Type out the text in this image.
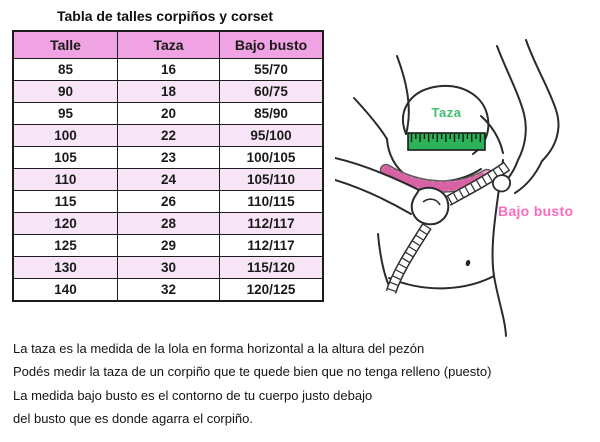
Tabla de talles corpiños y corset
Talle	Taza	Bajo busto
85	16	55/70
90	18	60/75
95	20	85/90
100	22	95/100
105	23	100/105
110	24	105/110
115	26	110/115
120	28	112/117
125	29	112/117
130	30	115/120
140	32	120/125
Taza
Bajo busto
La taza es la medida de la lola en forma horizontal a la altura del pezón
Podés medir la taza de un corpiño que te quede bien que no tenga relleno (puesto)
La medida bajo busto es el contorno de tu cuerpo justo debajo
del busto que es donde agarra el corpiño.
